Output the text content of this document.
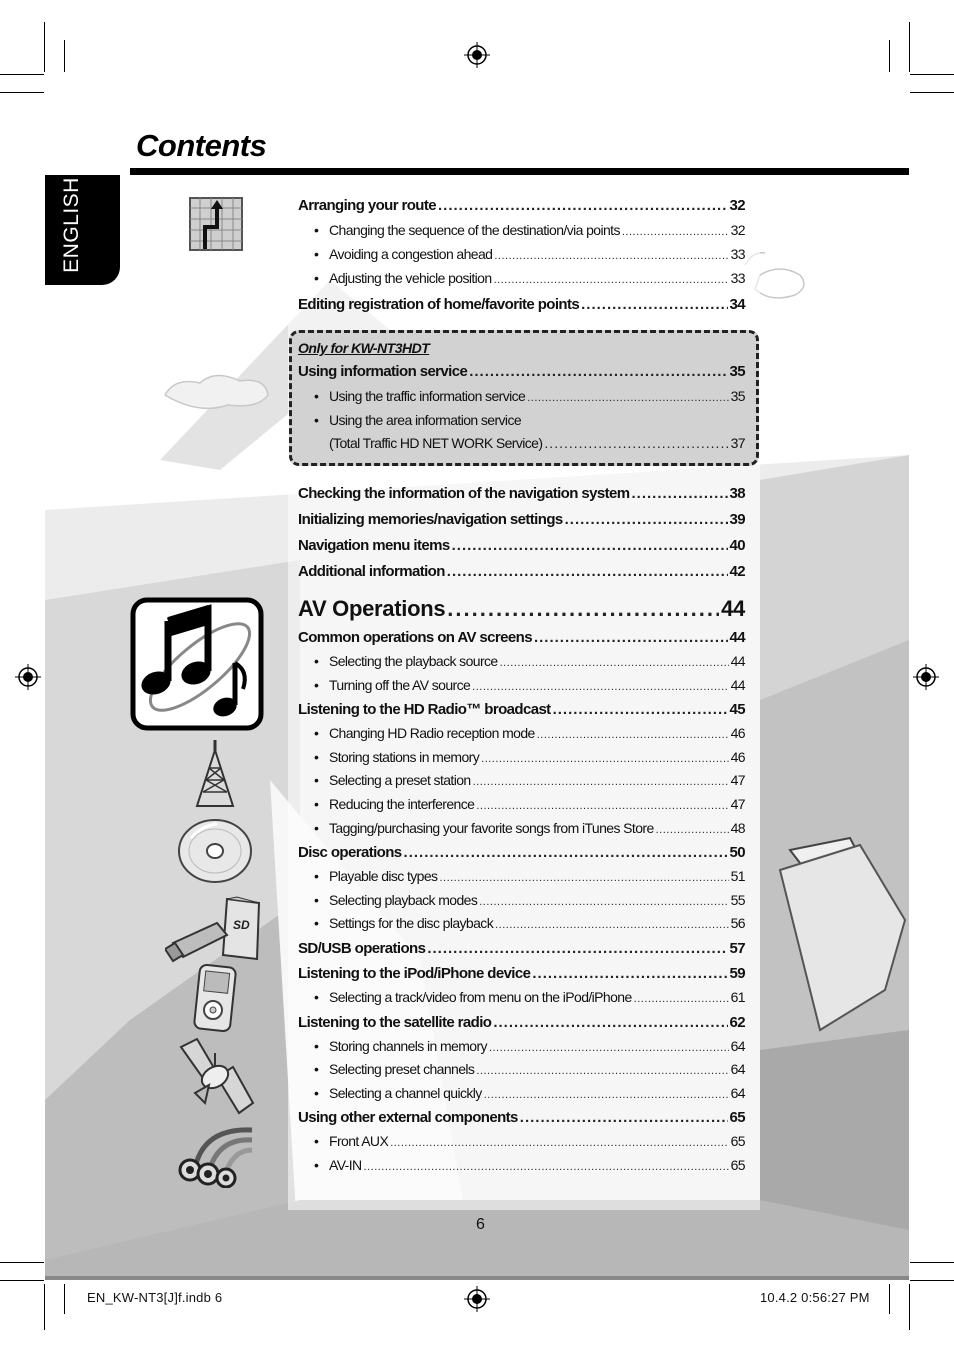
Contents
ENGLISH
SD
Arranging your route .....	32
• Changing the sequence of the destination/via points .....	32
• Avoiding a congestion ahead .....	33
• Adjusting the vehicle position .....	33
Editing registration of home/favorite points .....	34
Only for KW-NT3HDT
Using information service .....	35
• Using the traffic information service .....	35
• Using the area information service
(Total Traffic HD NET WORK Service) .....	37
Checking the information of the navigation system .....	38
Initializing memories/navigation settings .....	39
Navigation menu items .....	40
Additional information .....	42
AV Operations .....	44
Common operations on AV screens .....	44
• Selecting the playback source .....	44
• Turning off the AV source .....	44
Listening to the HD Radio™ broadcast .....	45
• Changing HD Radio reception mode .....	46
• Storing stations in memory .....	46
• Selecting a preset station .....	47
• Reducing the interference .....	47
• Tagging/purchasing your favorite songs from iTunes Store .....	48
Disc operations .....	50
• Playable disc types .....	51
• Selecting playback modes .....	55
• Settings for the disc playback .....	56
SD/USB operations .....	57
Listening to the iPod/iPhone device .....	59
• Selecting a track/video from menu on the iPod/iPhone .....	61
Listening to the satellite radio .....	62
• Storing channels in memory .....	64
• Selecting preset channels .....	64
• Selecting a channel quickly .....	64
Using other external components .....	65
• Front AUX .....	65
• AV-IN .....	65
6
EN_KW-NT3[J]f.indb 6	10.4.2 0:56:27 PM
